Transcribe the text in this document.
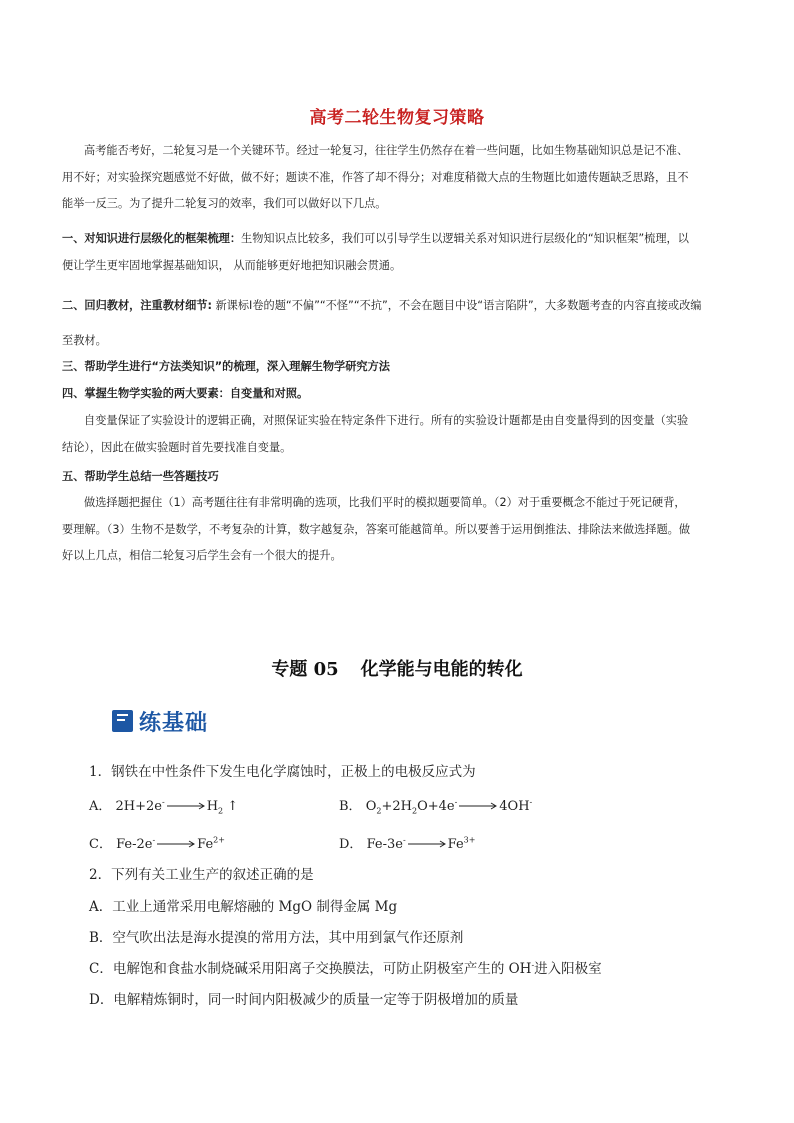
高考二轮生物复习策略
高考能否考好，二轮复习是一个关键环节。经过一轮复习，往往学生仍然存在着一些问题，比如生物基础知识总是记不准、
用不好；对实验探究题感觉不好做，做不好；题读不准，作答了却不得分；对难度稍微大点的生物题比如遗传题缺乏思路，且不
能举一反三。为了提升二轮复习的效率，我们可以做好以下几点。
一、对知识进行层级化的框架梳理：生物知识点比较多，我们可以引导学生以逻辑关系对知识进行层级化的“知识框架”梳理，以
便让学生更牢固地掌握基础知识， 从而能够更好地把知识融会贯通。
二、回归教材，注重教材细节: 新课标Ⅰ卷的题“不偏”“不怪”“不抗”，不会在题目中设“语言陷阱”，大多数题考查的内容直接或改编
至教材。
三、帮助学生进行“方法类知识”的梳理，深入理解生物学研究方法
四、掌握生物学实验的两大要素：自变量和对照。
自变量保证了实验设计的逻辑正确，对照保证实验在特定条件下进行。所有的实验设计题都是由自变量得到的因变量（实验
结论），因此在做实验题时首先要找准自变量。
五、帮助学生总结一些答题技巧
做选择题把握住（1）高考题往往有非常明确的选项，比我们平时的模拟题要简单。（2）对于重要概念不能过于死记硬背，
要理解。（3）生物不是数学，不考复杂的计算，数字越复杂，答案可能越简单。所以要善于运用倒推法、排除法来做选择题。做
好以上几点，相信二轮复习后学生会有一个很大的提升。
专题 05 化学能与电能的转化
练基础
1．钢铁在中性条件下发生电化学腐蚀时，正极上的电极反应式为
A． $2H+2e^-\to H_2$ ↑	B． $O_2+2H_2O+4e^-\to 4OH^-$
C． $Fe-2e^-\to Fe^{2+}$	D． $Fe-3e^-\to Fe^{3+}$
2．下列有关工业生产的叙述正确的是
A．工业上通常采用电解熔融的 MgO 制得金属 Mg
B．空气吹出法是海水提溴的常用方法，其中用到氯气作还原剂
C．电解饱和食盐水制烧碱采用阳离子交换膜法，可防止阴极室产生的 OH-进入阳极室
D．电解精炼铜时，同一时间内阳极减少的质量一定等于阴极增加的质量
